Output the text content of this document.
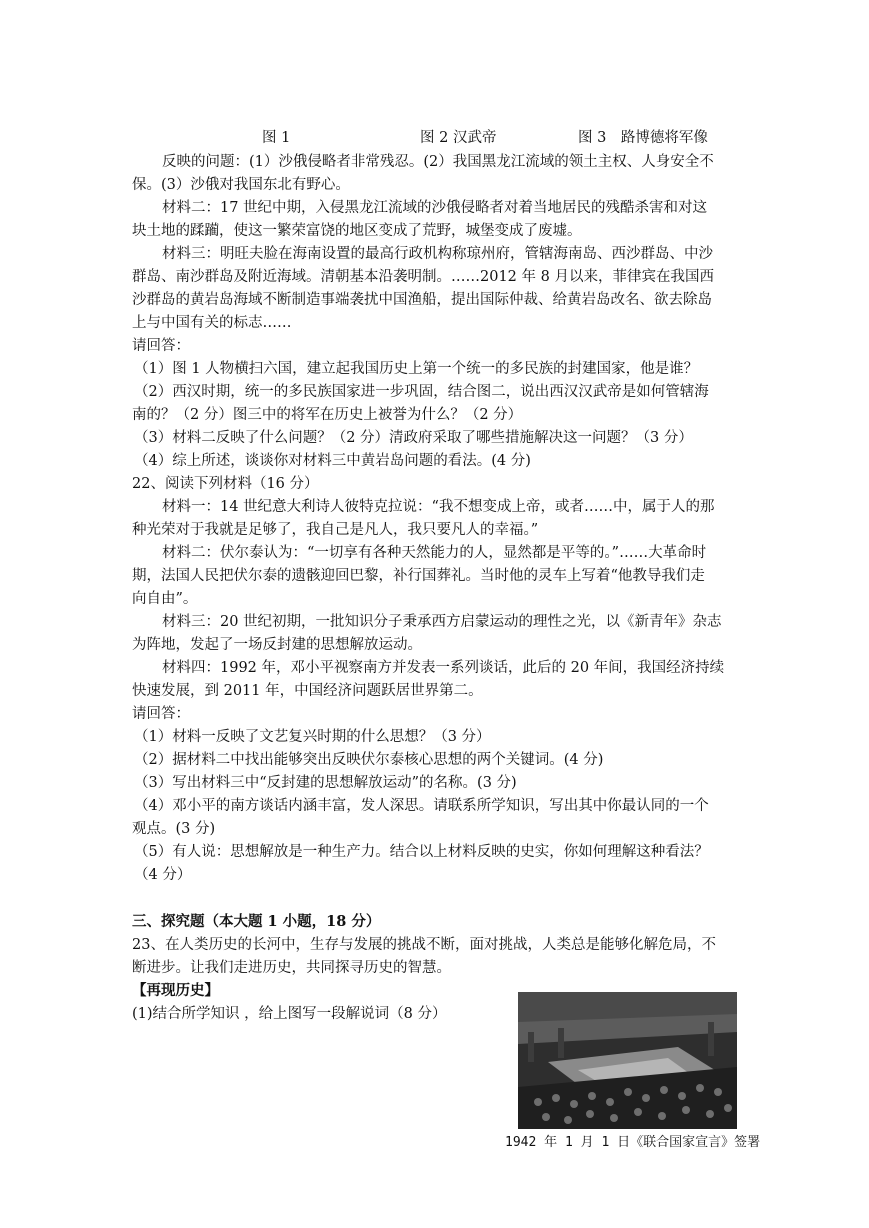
图 1	图 2 汉武帝	图 3　路博德将军像
反映的问题：(1）沙俄侵略者非常残忍。(2）我国黑龙江流域的领土主权、人身安全不
保。(3）沙俄对我国东北有野心。
材料二：17 世纪中期，入侵黑龙江流域的沙俄侵略者对着当地居民的残酷杀害和对这
块土地的蹂躏，使这一繁荣富饶的地区变成了荒野，城堡变成了废墟。
材料三：明旺夫脸在海南设置的最高行政机构称琼州府，管辖海南岛、西沙群岛、中沙
群岛、南沙群岛及附近海域。清朝基本沿袭明制。……2012 年 8 月以来，菲律宾在我国西
沙群岛的黄岩岛海域不断制造事端袭扰中国渔船，提出国际仲裁、给黄岩岛改名、欲去除岛
上与中国有关的标志……
请回答：
（1）图 1 人物横扫六国，建立起我国历史上第一个统一的多民族的封建国家，他是谁？
（2）西汉时期，统一的多民族国家进一步巩固，结合图二，说出西汉汉武帝是如何管辖海
南的？（2 分）图三中的将军在历史上被誉为什么？（2 分）
（3）材料二反映了什么问题？（2 分）清政府采取了哪些措施解决这一问题？（3 分）
（4）综上所述，谈谈你对材料三中黄岩岛问题的看法。(4 分)
22、阅读下列材料（16 分）
材料一：14 世纪意大利诗人彼特克拉说：“我不想变成上帝，或者……中，属于人的那
种光荣对于我就是足够了，我自己是凡人，我只要凡人的幸福。”
材料二：伏尔泰认为：“一切享有各种天然能力的人，显然都是平等的。”……大革命时
期，法国人民把伏尔泰的遗骸迎回巴黎，补行国葬礼。当时他的灵车上写着“他教导我们走
向自由”。
材料三：20 世纪初期，一批知识分子秉承西方启蒙运动的理性之光，以《新青年》杂志
为阵地，发起了一场反封建的思想解放运动。
材料四：1992 年，邓小平视察南方并发表一系列谈话，此后的 20 年间，我国经济持续
快速发展，到 2011 年，中国经济问题跃居世界第二。
请回答：
（1）材料一反映了文艺复兴时期的什么思想？（3 分）
（2）据材料二中找出能够突出反映伏尔泰核心思想的两个关键词。(4 分)
（3）写出材料三中“反封建的思想解放运动”的名称。(3 分)
（4）邓小平的南方谈话内涵丰富，发人深思。请联系所学知识，写出其中你最认同的一个
观点。(3 分)
（5）有人说：思想解放是一种生产力。结合以上材料反映的史实，你如何理解这种看法？
（4 分）
三、探究题（本大题 1 小题，18 分）
23、在人类历史的长河中，生存与发展的挑战不断，面对挑战，人类总是能够化解危局，不
断进步。让我们走进历史，共同探寻历史的智慧。
【再现历史】
(1)结合所学知识 ，给上图写一段解说词（8 分）
1942 年 1 月 1 日《联合国家宣言》签署
